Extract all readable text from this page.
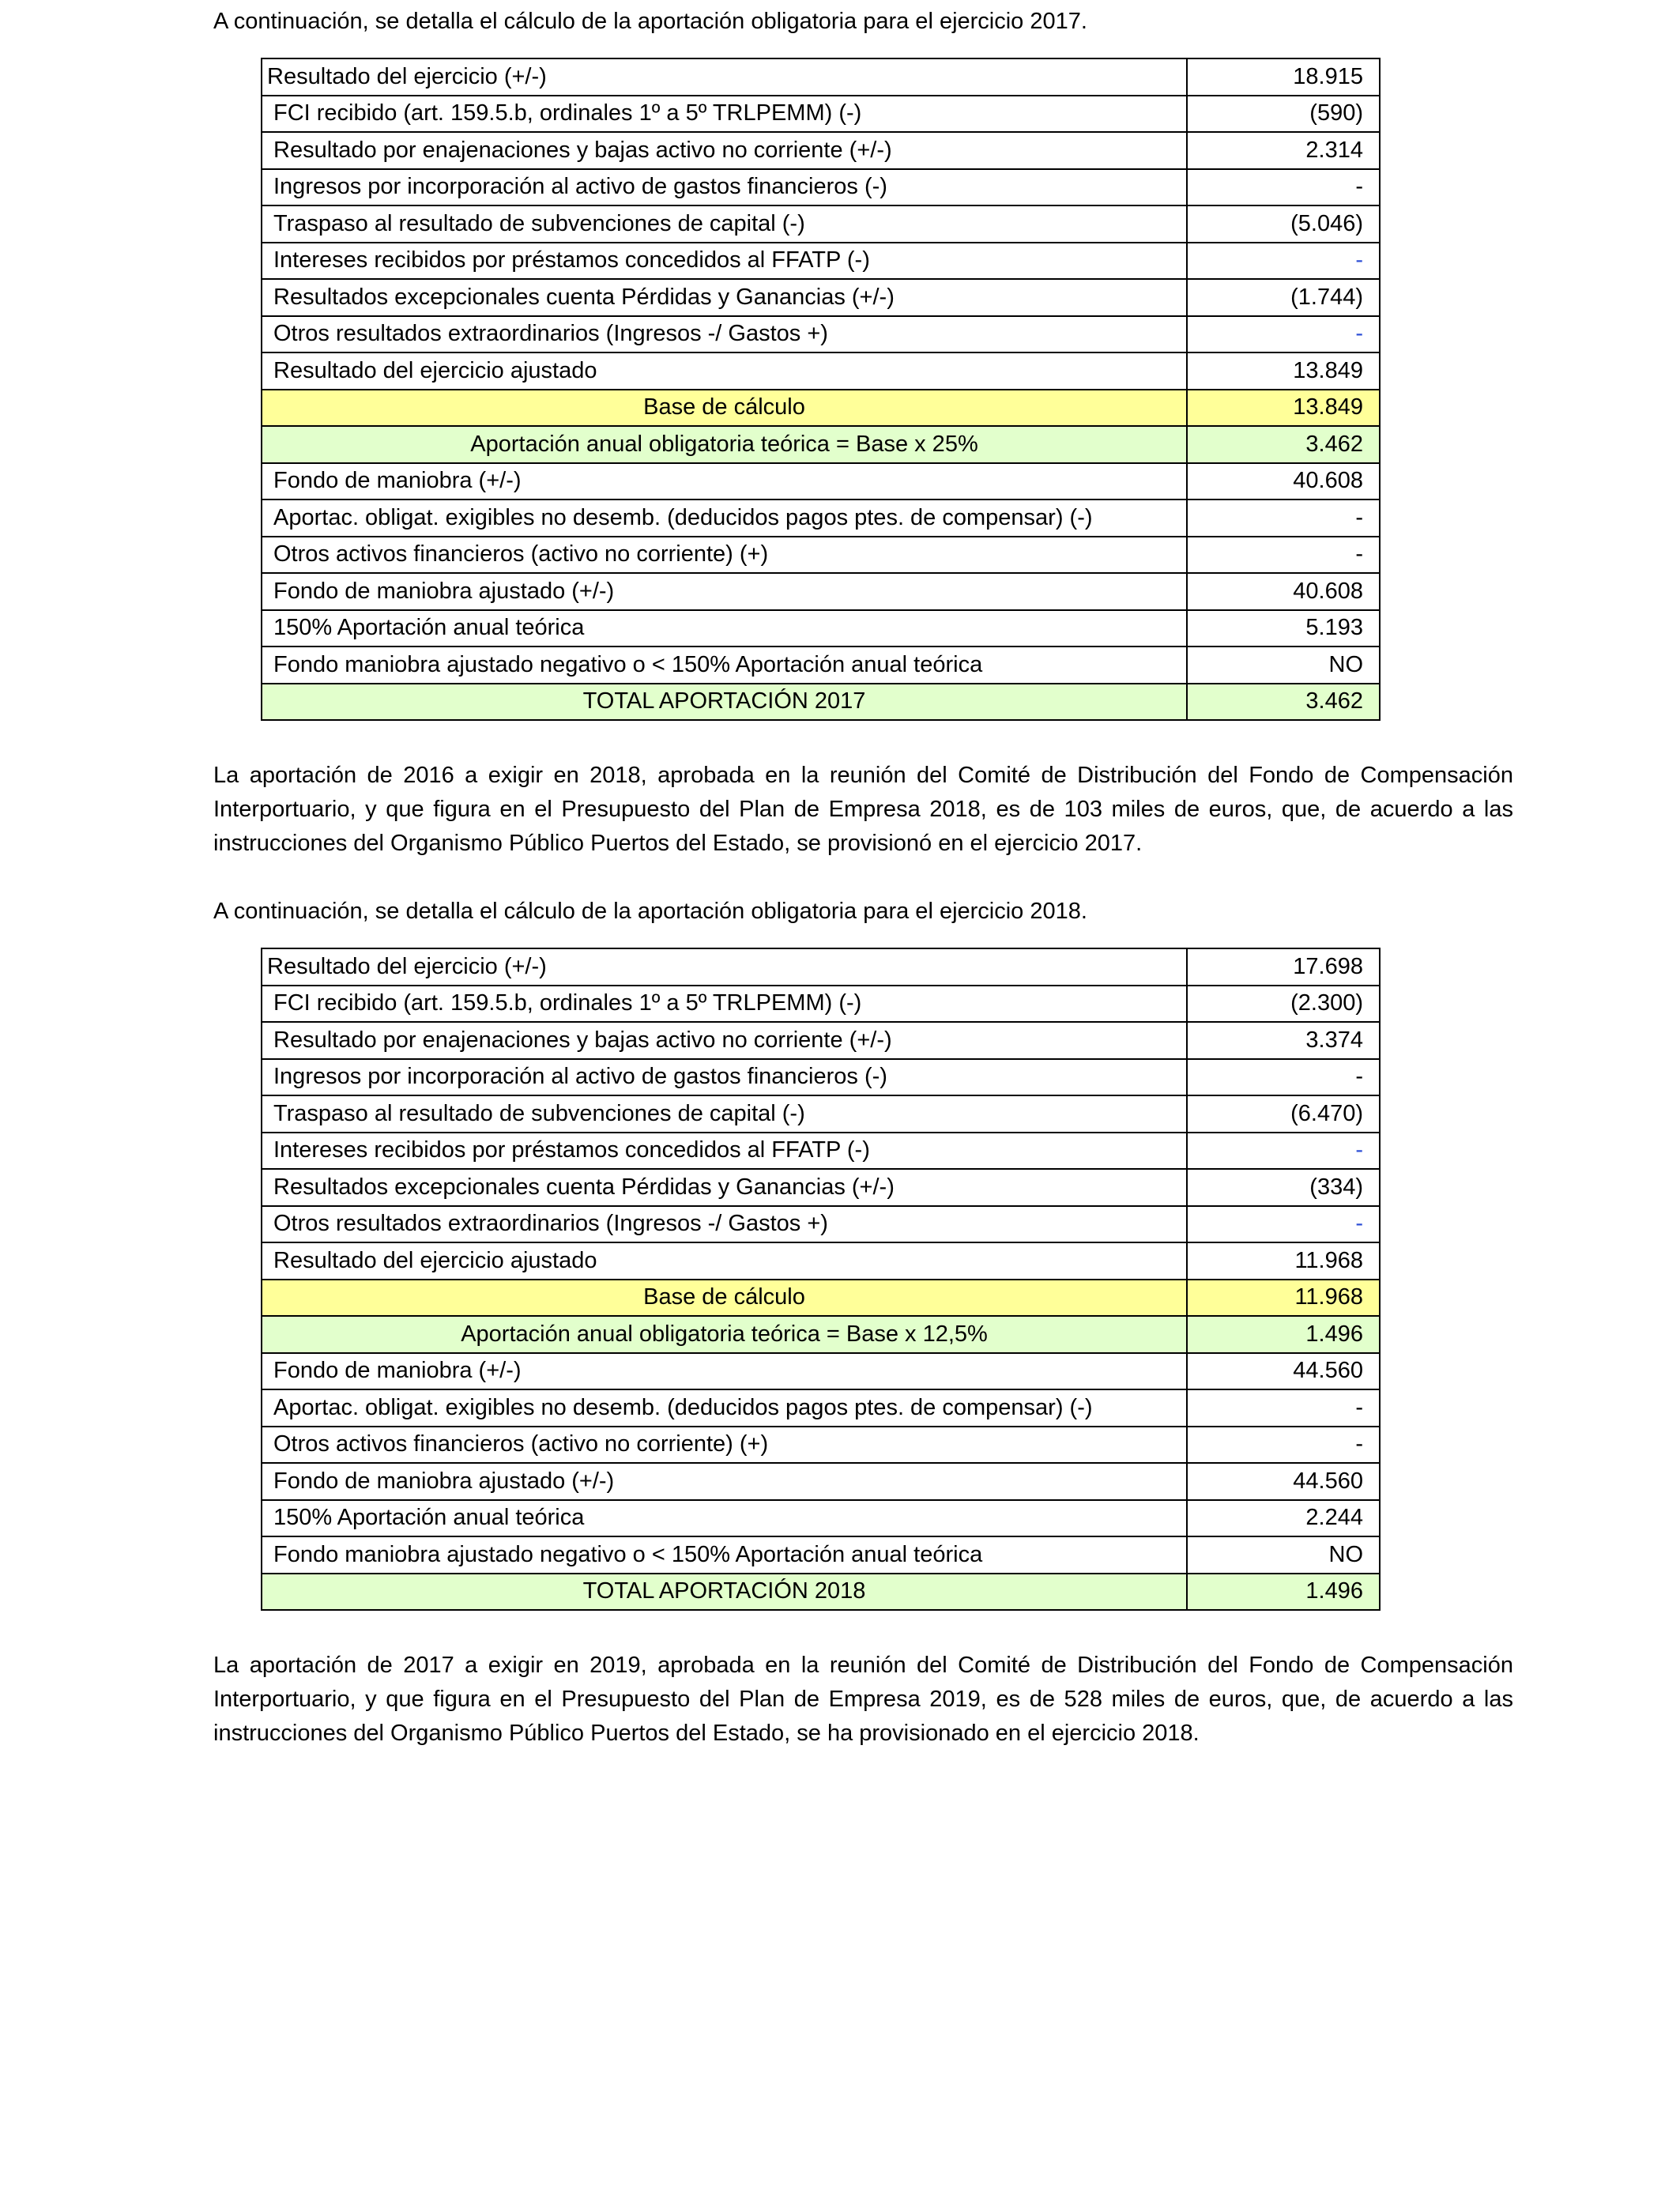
A continuación, se detalla el cálculo de la aportación obligatoria para el ejercicio 2017.

Resultado del ejercicio (+/-)	18.915
FCI recibido (art. 159.5.b, ordinales 1º a 5º TRLPEMM) (-)	(590)
Resultado por enajenaciones y bajas activo no corriente (+/-)	2.314
Ingresos por incorporación al activo de gastos financieros (-)	-
Traspaso al resultado de subvenciones de capital (-)	(5.046)
Intereses recibidos por préstamos concedidos al FFATP (-)	-
Resultados excepcionales cuenta Pérdidas y Ganancias (+/-)	(1.744)
Otros resultados extraordinarios (Ingresos -/ Gastos +)	-
Resultado del ejercicio ajustado	13.849
Base de cálculo	13.849
Aportación anual obligatoria teórica = Base x 25%	3.462
Fondo de maniobra (+/-)	40.608
Aportac. obligat. exigibles no desemb. (deducidos pagos ptes. de compensar) (-)	-
Otros activos financieros (activo no corriente) (+)	-
Fondo de maniobra ajustado (+/-)	40.608
150% Aportación anual teórica	5.193
Fondo maniobra ajustado negativo o < 150% Aportación anual teórica	NO
TOTAL APORTACIÓN 2017	3.462

La aportación de 2016 a exigir en 2018, aprobada en la reunión del Comité de Distribución del Fondo de Compensación Interportuario, y que figura en el Presupuesto del Plan de Empresa 2018, es de 103 miles de euros, que, de acuerdo a las instrucciones del Organismo Público Puertos del Estado, se provisionó en el ejercicio 2017.

A continuación, se detalla el cálculo de la aportación obligatoria para el ejercicio 2018.

Resultado del ejercicio (+/-)	17.698
FCI recibido (art. 159.5.b, ordinales 1º a 5º TRLPEMM) (-)	(2.300)
Resultado por enajenaciones y bajas activo no corriente (+/-)	3.374
Ingresos por incorporación al activo de gastos financieros (-)	-
Traspaso al resultado de subvenciones de capital (-)	(6.470)
Intereses recibidos por préstamos concedidos al FFATP (-)	-
Resultados excepcionales cuenta Pérdidas y Ganancias (+/-)	(334)
Otros resultados extraordinarios (Ingresos -/ Gastos +)	-
Resultado del ejercicio ajustado	11.968
Base de cálculo	11.968
Aportación anual obligatoria teórica = Base x 12,5%	1.496
Fondo de maniobra (+/-)	44.560
Aportac. obligat. exigibles no desemb. (deducidos pagos ptes. de compensar) (-)	-
Otros activos financieros (activo no corriente) (+)	-
Fondo de maniobra ajustado (+/-)	44.560
150% Aportación anual teórica	2.244
Fondo maniobra ajustado negativo o < 150% Aportación anual teórica	NO
TOTAL APORTACIÓN 2018	1.496

La aportación de 2017 a exigir en 2019, aprobada en la reunión del Comité de Distribución del Fondo de Compensación Interportuario, y que figura en el Presupuesto del Plan de Empresa 2019, es de 528 miles de euros, que, de acuerdo a las instrucciones del Organismo Público Puertos del Estado, se ha provisionado en el ejercicio 2018.
